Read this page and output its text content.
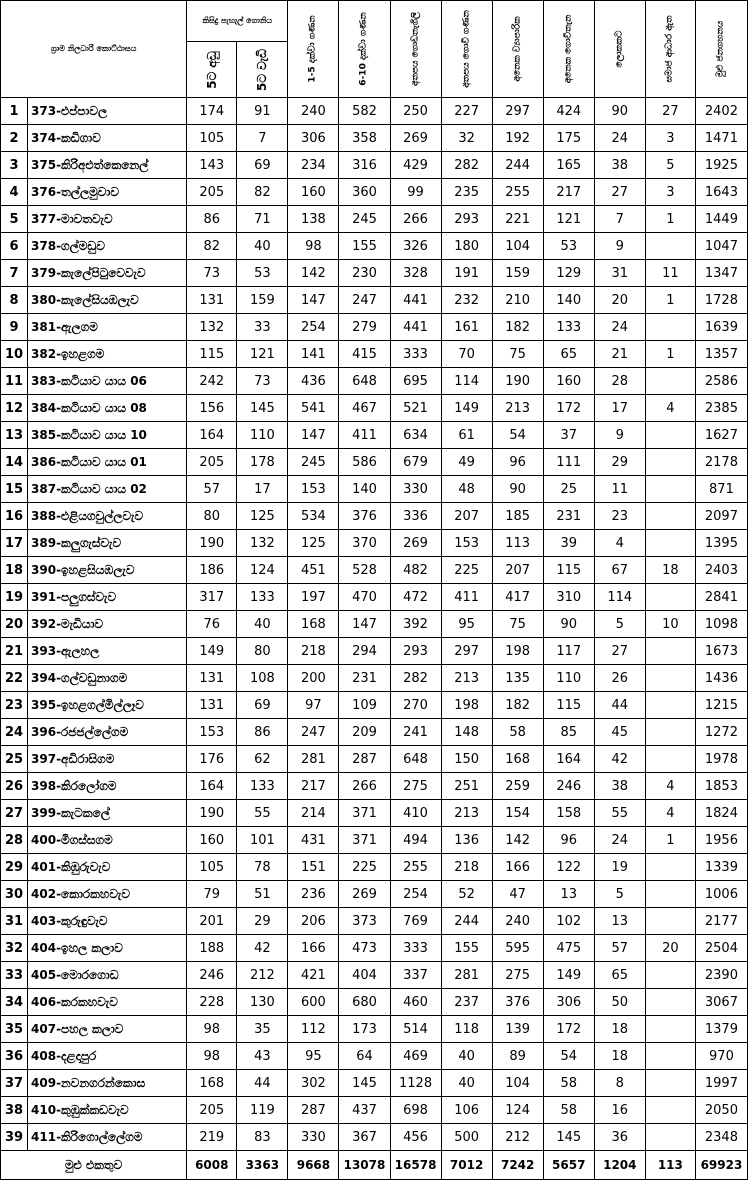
ග්‍රාම නිලධාරි කොට්ඨාසය		කිසිදු පැහැල් ගොනිය		1-5 දක්වා ගණන	6-10 දක්වා ගණන	අතපය ගොඩනැගිලි	අතපය ගොවි ගණන	අනෙක ව්‍යාපාරික	අනෙක ගොවිතැන	ලොකකට	සමාජ ආධාර ඇත	මුළු ජනගහනය

		5ට අඩු	5ට වැඩි									

1	373-එප්පාවල	174	91	240	582	250	227	297	424	90	27	2402
2	374-කඩිගාව	105	7	306	358	269	32	192	175	24	3	1471
3	375-කිරිඅළුත්කෙනෙල්	143	69	234	316	429	282	244	165	38	5	1925
4	376-තල්ලමුවාව	205	82	160	360	99	235	255	217	27	3	1643
5	377-මාවතවැව	86	71	138	245	266	293	221	121	7	1	1449
6	378-ගල්මඩුව	82	40	98	155	326	180	104	53	9		1047
7	379-කැලේපිටුවෙවැව	73	53	142	230	328	191	159	129	31	11	1347
8	380-කැලේසියඹලැව	131	159	147	247	441	232	210	140	20	1	1728
9	381-ඇලගම	132	33	254	279	441	161	182	133	24		1639
10	382-ඉහළගම	115	121	141	415	333	70	75	65	21	1	1357
11	383-කටියාව යාය 06	242	73	436	648	695	114	190	160	28		2586
12	384-කටියාව යාය 08	156	145	541	467	521	149	213	172	17	4	2385
13	385-කටියාව යාය 10	164	110	147	411	634	61	54	37	9		1627
14	386-කටියාව යාය 01	205	178	245	586	679	49	96	111	29		2178
15	387-කටියාව යාය 02	57	17	153	140	330	48	90	25	11		871
16	388-එළියගවුල්ලවැව	80	125	534	376	336	207	185	231	23		2097
17	389-කලුගැස්වැව	190	132	125	370	269	153	113	39	4		1395
18	390-ඉහළසියඹලැව	186	124	451	528	482	225	207	115	67	18	2403
19	391-පලුගස්වැව	317	133	197	470	472	411	417	310	114		2841
20	392-මැඩියාව	76	40	168	147	392	95	75	90	5	10	1098
21	393-ඇලහල	149	80	218	294	293	297	198	117	27		1673
22	394-ගල්වඩුනාගම	131	108	200	231	282	213	135	110	26		1436
23	395-ඉහළගල්මිල්ලෑව	131	69	97	109	270	198	182	115	44		1215
24	396-රජජල්ලේගම	153	86	247	209	241	148	58	85	45		1272
25	397-අඩිරාසිගම	176	62	281	287	648	150	168	164	42		1978
26	398-කිරලෝගම	164	133	217	266	275	251	259	246	38	4	1853
27	399-කැටකලේ	190	55	214	371	410	213	154	158	55	4	1824
28	400-මිගස්සගම	160	101	431	371	494	136	142	96	24	1	1956
29	401-කිඹුරුවැව	105	78	151	225	255	218	166	122	19		1339
30	402-කොරකහවැව	79	51	236	269	254	52	47	13	5		1006
31	403-කුරුඳුවැව	201	29	206	373	769	244	240	102	13		2177
32	404-ඉහල කලාව	188	42	166	473	333	155	595	475	57	20	2504
33	405-මොරගොඩ	246	212	421	404	337	281	275	149	65		2390
34	406-කරකහවැව	228	130	600	680	460	237	376	306	50		3067
35	407-පහල කලාව	98	35	112	173	514	118	139	172	18		1379
36	408-දළදාපුර	98	43	95	64	469	40	89	54	18		970
37	409-නවනගරන්කොස	168	44	302	145	1128	40	104	58	8		1997
38	410-කුඹුක්කඩවැව	205	119	287	437	698	106	124	58	16		2050
39	411-කිරිගොල්ලේගම	219	83	330	367	456	500	212	145	36		2348
මුළු එකතුව		6008	3363	9668	13078	16578	7012	7242	5657	1204	113	69923
